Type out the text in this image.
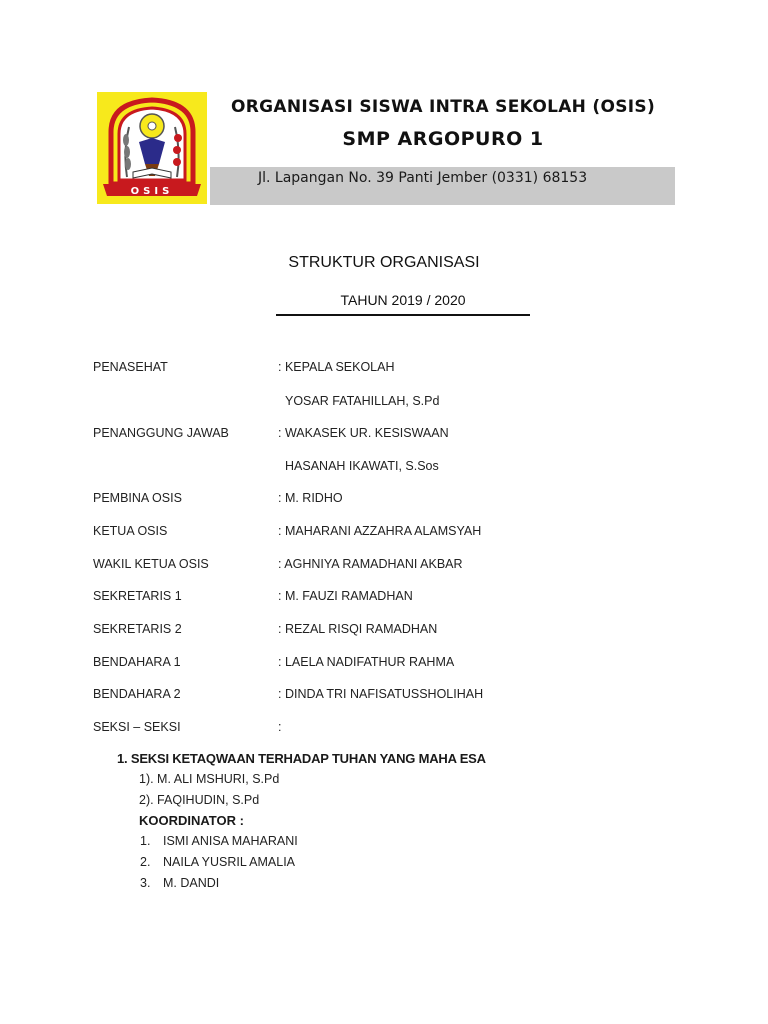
OSIS
ORGANISASI SISWA INTRA SEKOLAH (OSIS)
SMP ARGOPURO 1
Jl. Lapangan No. 39 Panti Jember (0331) 68153
STRUKTUR ORGANISASI
TAHUN 2019 / 2020
PENASEHAT	: KEPALA SEKOLAH
YOSAR FATAHILLAH, S.Pd
PENANGGUNG JAWAB	: WAKASEK UR. KESISWAAN
HASANAH IKAWATI, S.Sos
PEMBINA OSIS	: M. RIDHO
KETUA OSIS	: MAHARANI AZZAHRA ALAMSYAH
WAKIL KETUA OSIS	: AGHNIYA RAMADHANI AKBAR
SEKRETARIS 1	: M. FAUZI RAMADHAN
SEKRETARIS 2	: REZAL RISQI RAMADHAN
BENDAHARA 1	: LAELA NADIFATHUR RAHMA
BENDAHARA 2	: DINDA TRI NAFISATUSSHOLIHAH
SEKSI – SEKSI	:
1. SEKSI KETAQWAAN TERHADAP TUHAN YANG MAHA ESA
1). M. ALI MSHURI, S.Pd
2). FAQIHUDIN, S.Pd
KOORDINATOR :
1. ISMI ANISA MAHARANI
2. NAILA YUSRIL AMALIA
3. M. DANDI
